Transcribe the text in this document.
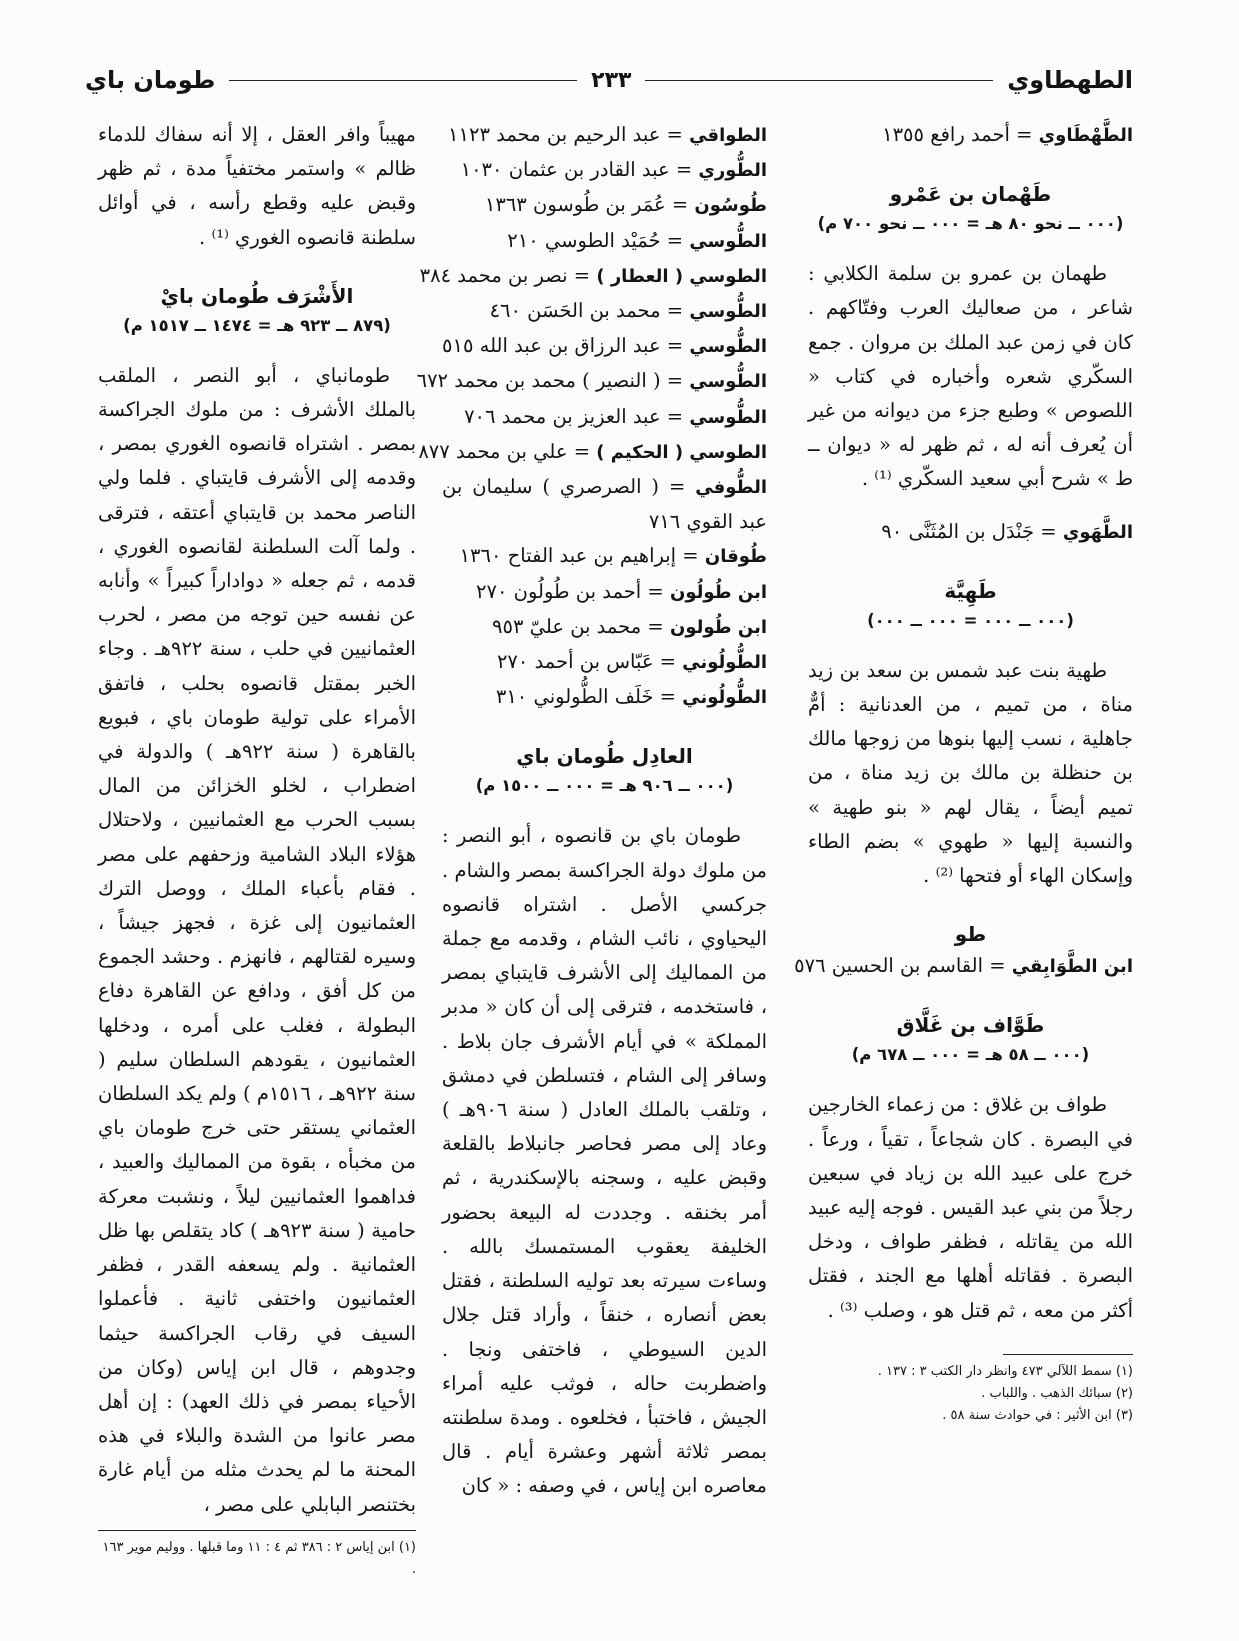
الطهطاوي
٢٣٣
طومان باي
الطَّهْطَاوي = أحمد رافع ١٣٥٥
طَهْمان بن عَمْرو
(٠٠٠ ــ نحو ٨٠ هـ = ٠٠٠ ــ نحو ٧٠٠ م)

طهمان بن عمرو بن سلمة الكلابي : شاعر ، من صعاليك العرب وفتّاكهم . كان في زمن عبد الملك بن مروان . جمع السكّري شعره وأخباره في كتاب « اللصوص » وطبع جزء من ديوانه من غير أن يُعرف أنه له ، ثم ظهر له « ديوان ــ ط » شرح أبي سعيد السكّري ⁽¹⁾ .

الطَّهَوي = جَنْدَل بن المُثَنَّى ٩٠
طَهِيَّة
(٠٠٠ ــ ٠٠٠ = ٠٠٠ ــ ٠٠٠)

طهية بنت عبد شمس بن سعد بن زيد مناة ، من تميم ، من العدنانية : أمٌّ جاهلية ، نسب إليها بنوها من زوجها مالك بن حنظلة بن مالك بن زيد مناة ، من تميم أيضاً ، يقال لهم « بنو طهية » والنسبة إليها « طهوي » بضم الطاء وإسكان الهاء أو فتحها ⁽²⁾ .

طو
ابن الطَّوَابِقي = القاسم بن الحسين ٥٧٦
طَوَّاف بن غَلَّاق
(٠٠٠ ــ ٥٨ هـ = ٠٠٠ ــ ٦٧٨ م)

طواف بن غلاق : من زعماء الخارجين في البصرة . كان شجاعاً ، تقياً ، ورعاً . خرج على عبيد الله بن زياد في سبعين رجلاً من بني عبد القيس . فوجه إليه عبيد الله من يقاتله ، فظفر طواف ، ودخل البصرة . فقاتله أهلها مع الجند ، فقتل أكثر من معه ، ثم قتل هو ، وصلب ⁽³⁾ .

(١) سمط اللآلي ٤٧٣ وانظر دار الكتب ٣ : ١٣٧ .
(٢) سبائك الذهب . واللباب .
(٣) ابن الأثير : في حوادث سنة ٥٨ .
الطواقي = عبد الرحيم بن محمد ١١٢٣
الطُّوري = عبد القادر بن عثمان ١٠٣٠
طُوسُون = عُمَر بن طُوسون ١٣٦٣
الطُّوسي = حُمَيْد الطوسي ٢١٠
الطوسي ( العطار ) = نصر بن محمد ٣٨٤
الطُّوسي = محمد بن الحَسَن ٤٦٠
الطُّوسي = عبد الرزاق بن عبد الله ٥١٥
الطُّوسي = ( النصير ) محمد بن محمد ٦٧٢
الطُّوسي = عبد العزيز بن محمد ٧٠٦
الطوسي ( الحكيم ) = علي بن محمد ٨٧٧

الطُّوفي = ( الصرصري ) سليمان بن عبد القوي ٧١٦

طُوقان = إبراهيم بن عبد الفتاح ١٣٦٠
ابن طُولُون = أحمد بن طُولُون ٢٧٠
ابن طُولون = محمد بن عليّ ٩٥٣
الطُّولُوني = عَبّاس بن أحمد ٢٧٠
الطُّولُوني = خَلَف الطُّولوني ٣١٠
العادِل طُومان باي
(٠٠٠ ــ ٩٠٦ هـ = ٠٠٠ ــ ١٥٠٠ م)

طومان باي بن قانصوه ، أبو النصر : من ملوك دولة الجراكسة بمصر والشام . جركسي الأصل . اشتراه قانصوه اليحياوي ، نائب الشام ، وقدمه مع جملة من المماليك إلى الأشرف قايتباي بمصر ، فاستخدمه ، فترقى إلى أن كان « مدبر المملكة » في أيام الأشرف جان بلاط . وسافر إلى الشام ، فتسلطن في دمشق ، وتلقب بالملك العادل ( سنة ٩٠٦هـ ) وعاد إلى مصر فحاصر جانبلاط بالقلعة وقبض عليه ، وسجنه بالإسكندرية ، ثم أمر بخنقه . وجددت له البيعة بحضور الخليفة يعقوب المستمسك بالله . وساءت سيرته بعد توليه السلطنة ، فقتل بعض أنصاره ، خنقاً ، وأراد قتل جلال الدين السيوطي ، فاختفى ونجا . واضطربت حاله ، فوثب عليه أمراء الجيش ، فاختبأ ، فخلعوه . ومدة سلطنته بمصر ثلاثة أشهر وعشرة أيام . قال معاصره ابن إياس ، في وصفه : « كان

مهيباً وافر العقل ، إلا أنه سفاك للدماء ظالم » واستمر مختفياً مدة ، ثم ظهر وقبض عليه وقطع رأسه ، في أوائل سلطنة قانصوه الغوري ⁽¹⁾ .

الأَشْرَف طُومان بايْ
(٨٧٩ ــ ٩٢٣ هـ = ١٤٧٤ ــ ١٥١٧ م)

طومانباي ، أبو النصر ، الملقب بالملك الأشرف : من ملوك الجراكسة بمصر . اشتراه قانصوه الغوري بمصر ، وقدمه إلى الأشرف قايتباي . فلما ولي الناصر محمد بن قايتباي أعتقه ، فترقى . ولما آلت السلطنة لقانصوه الغوري ، قدمه ، ثم جعله « دواداراً كبيراً » وأنابه عن نفسه حين توجه من مصر ، لحرب العثمانيين في حلب ، سنة ٩٢٢هـ . وجاء الخبر بمقتل قانصوه بحلب ، فاتفق الأمراء على تولية طومان باي ، فبويع بالقاهرة ( سنة ٩٢٢هـ ) والدولة في اضطراب ، لخلو الخزائن من المال بسبب الحرب مع العثمانيين ، ولاحتلال هؤلاء البلاد الشامية وزحفهم على مصر . فقام بأعباء الملك ، ووصل الترك العثمانيون إلى غزة ، فجهز جيشاً ، وسيره لقتالهم ، فانهزم . وحشد الجموع من كل أفق ، ودافع عن القاهرة دفاع البطولة ، فغلب على أمره ، ودخلها العثمانيون ، يقودهم السلطان سليم ( سنة ٩٢٢هـ ، ١٥١٦م ) ولم يكد السلطان العثماني يستقر حتى خرج طومان باي من مخبأه ، بقوة من المماليك والعبيد ، فداهموا العثمانيين ليلاً ، ونشبت معركة حامية ( سنة ٩٢٣هـ ) كاد يتقلص بها ظل العثمانية . ولم يسعفه القدر ، فظفر العثمانيون واختفى ثانية . فأعملوا السيف في رقاب الجراكسة حيثما وجدوهم ، قال ابن إياس (وكان من الأحياء بمصر في ذلك العهد) : إن أهل مصر عانوا من الشدة والبلاء في هذه المحنة ما لم يحدث مثله من أيام غارة بختنصر البابلي على مصر ،

(١) ابن إياس ٢ : ٣٨٦ ثم ٤ : ١١ وما قبلها . ووليم موير ١٦٣ .
